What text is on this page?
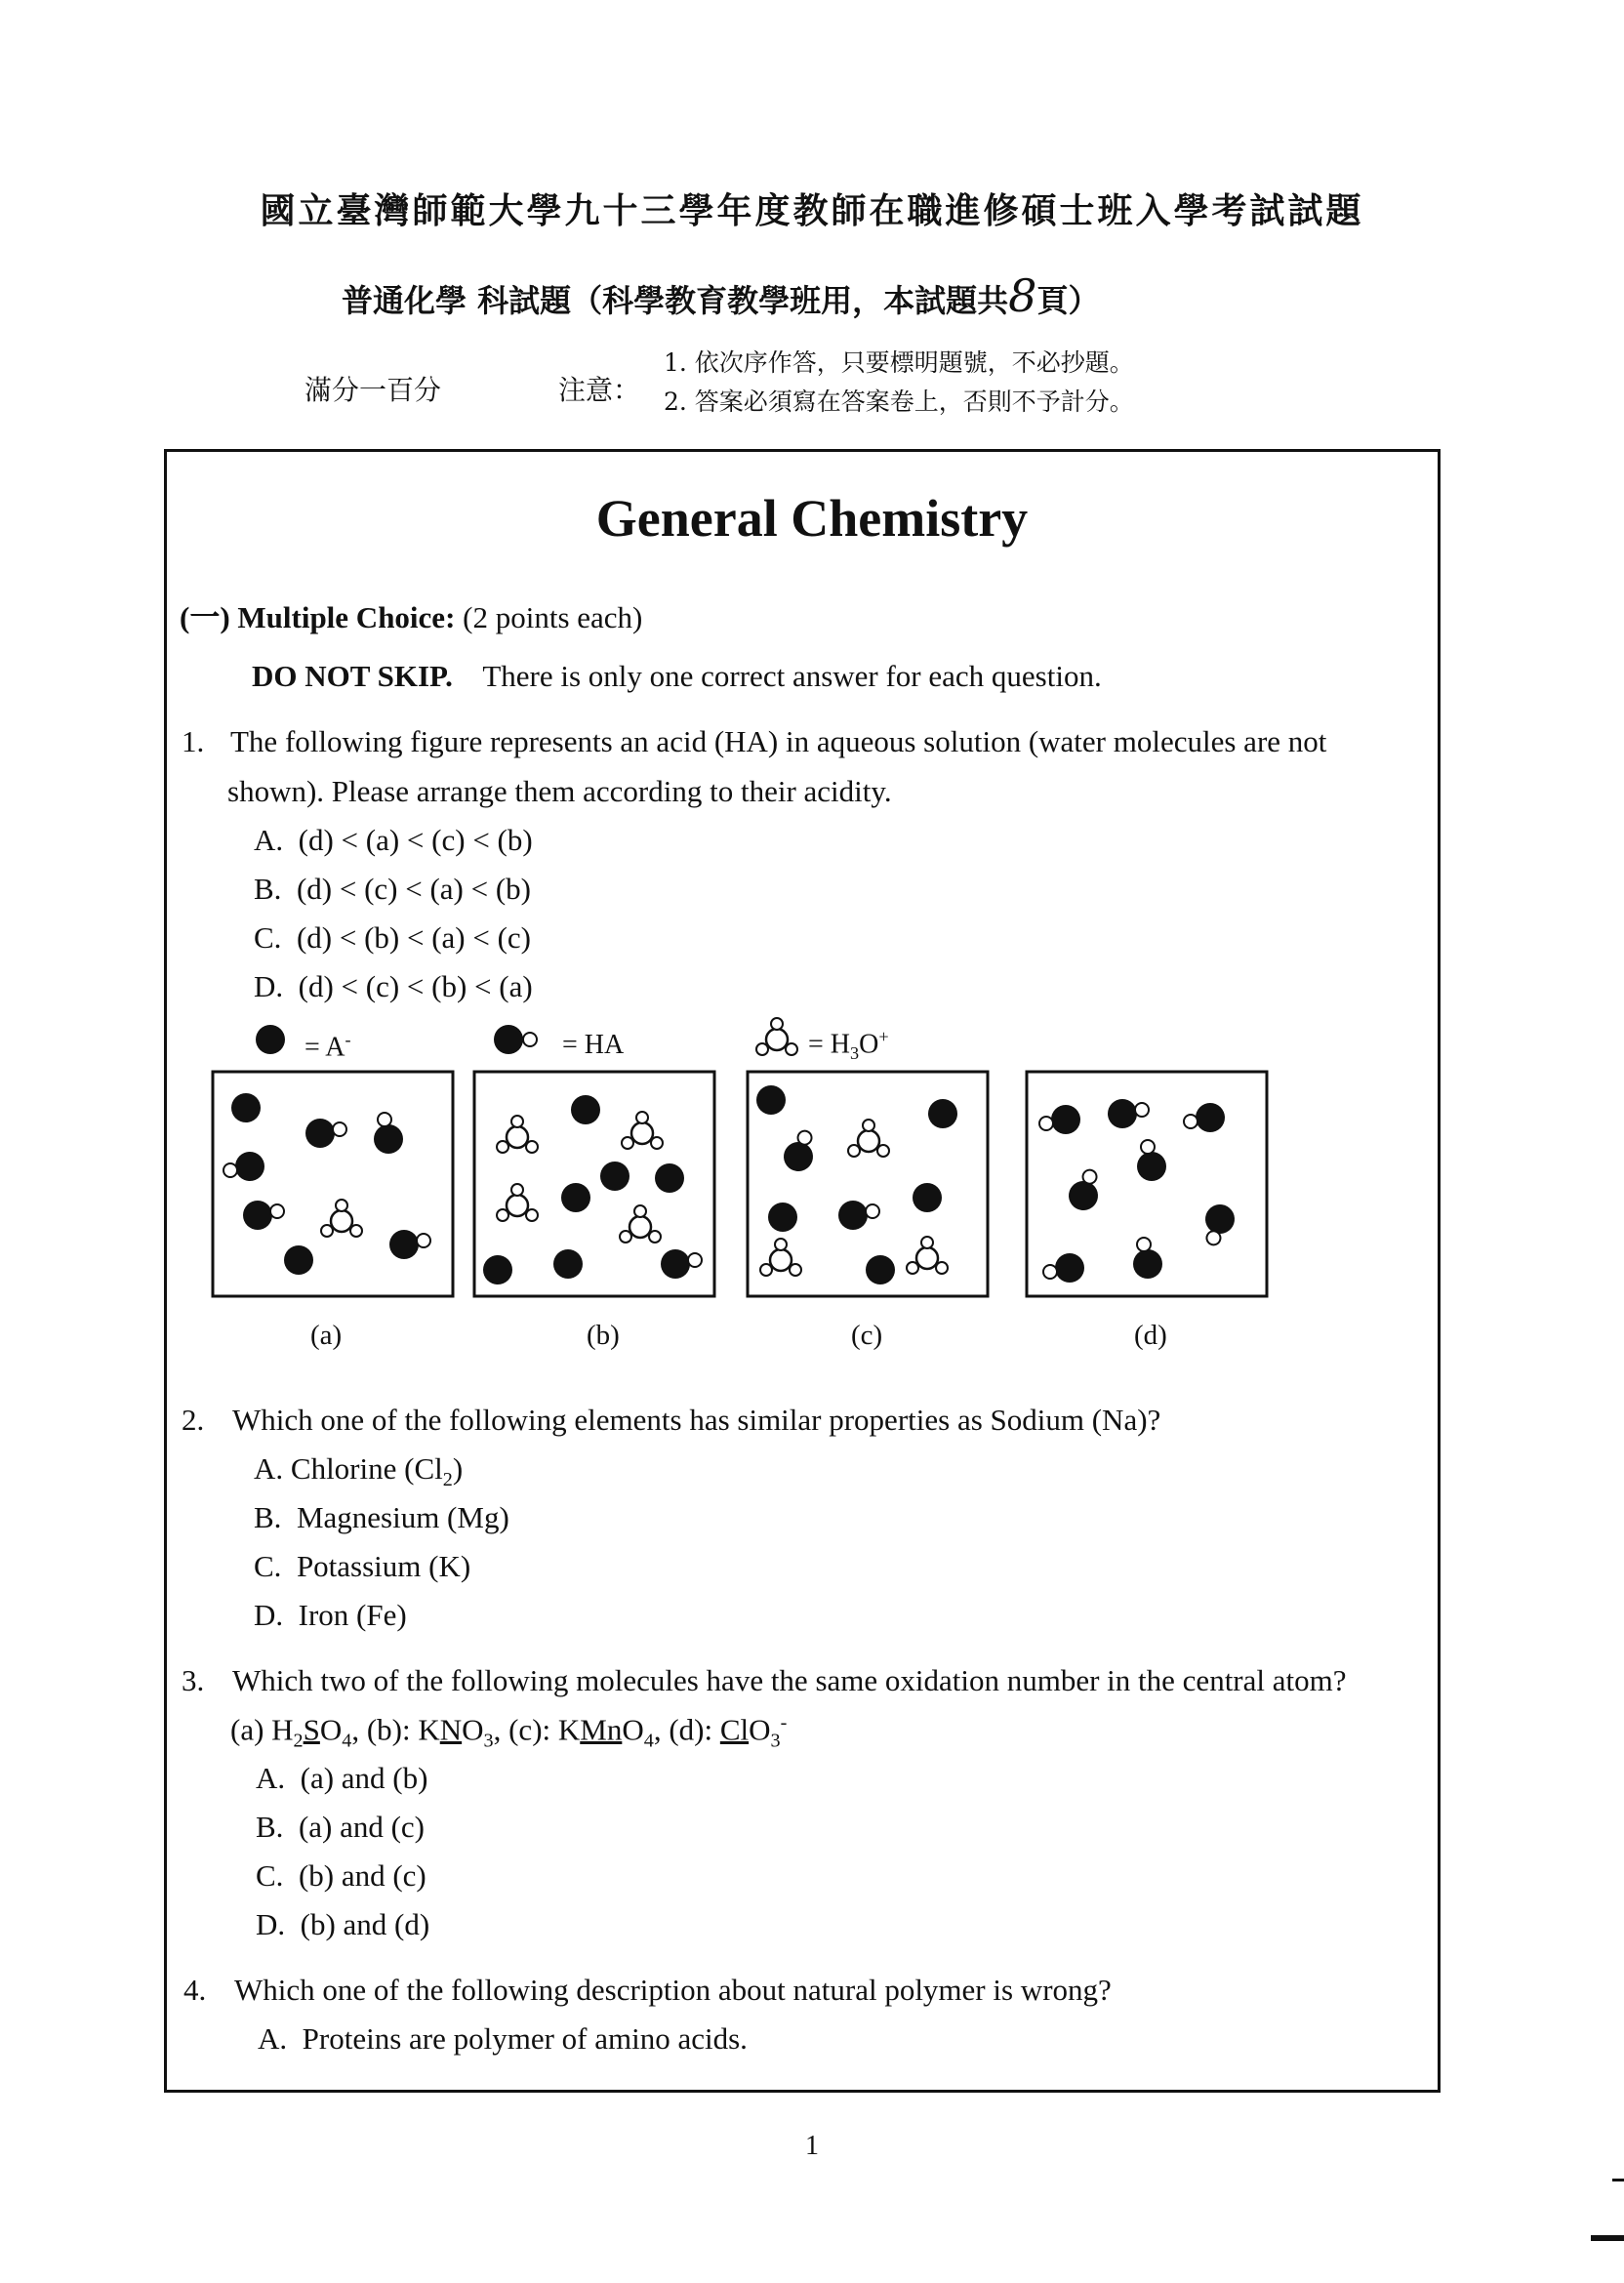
國立臺灣師範大學九十三學年度教師在職進修碩士班入學考試試題
普通化學 科試題（科學教育教學班用，本試題共8頁）
滿分一百分	注意：
1. 依次序作答，只要標明題號，不必抄題。
2. 答案必須寫在答案卷上，否則不予計分。
General Chemistry
(一) Multiple Choice: (2 points each)
DO NOT SKIP. There is only one correct answer for each question.
1. The following figure represents an acid (HA) in aqueous solution (water molecules are not
shown). Please arrange them according to their acidity.
A. (d) < (a) < (c) < (b)
B. (d) < (c) < (a) < (b)
C. (d) < (b) < (a) < (c)
D. (d) < (c) < (b) < (a)
= A-	= HA	= $H_3O^+$
(a)	(b)	(c)	(d)
2. Which one of the following elements has similar properties as Sodium (Na)?
A. Chlorine $(Cl_2)$
B. Magnesium (Mg)
C. Potassium (K)
D. Iron (Fe)
3. Which two of the following molecules have the same oxidation number in the central atom?
(a) $H_2SO_4$, (b): $KNO_3$, (c): KMnO$_4$, (d): ClO$_3$-
A. (a) and (b)
B. (a) and (c)
C. (b) and (c)
D. (b) and (d)
4. Which one of the following description about natural polymer is wrong?
A. Proteins are polymer of amino acids.
1
